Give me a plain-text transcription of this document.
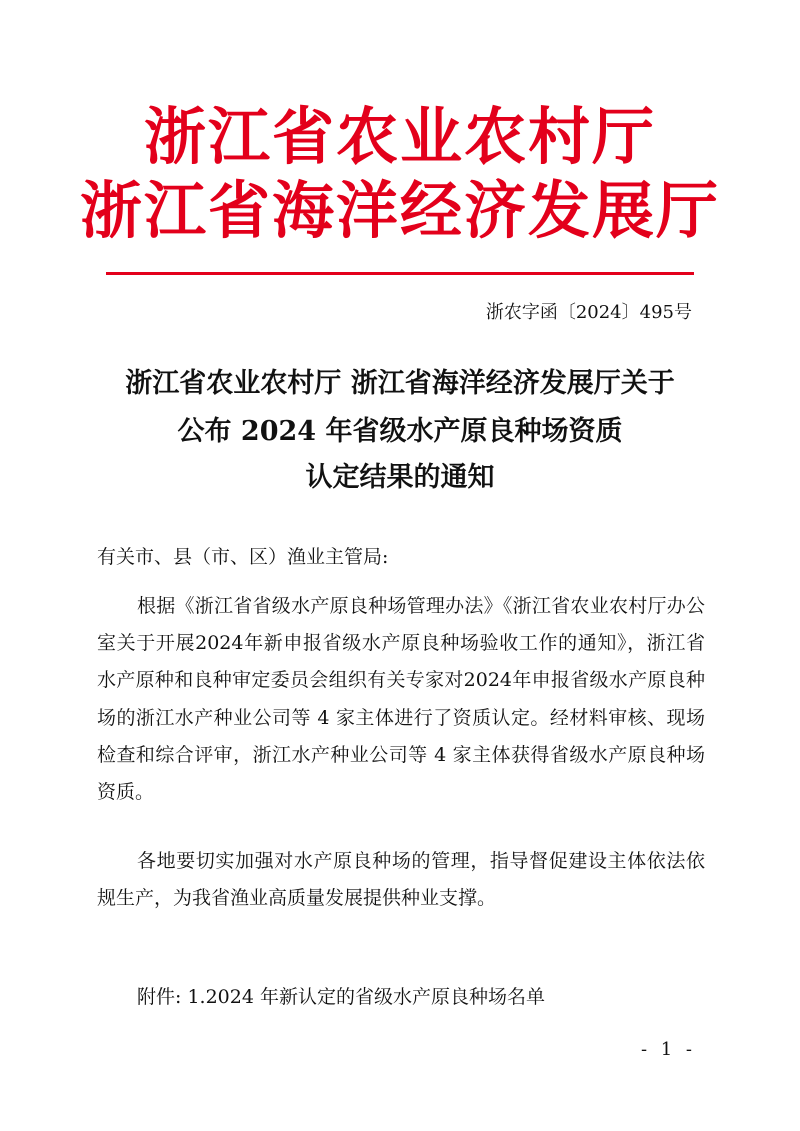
浙江省农业农村厅
浙江省海洋经济发展厅
浙农字函〔2024〕495号
浙江省农业农村厅 浙江省海洋经济发展厅关于
公布 2024 年省级水产原良种场资质
认定结果的通知
有关市、县（市、区）渔业主管局:

根据《浙江省省级水产原良种场管理办法》《浙江省农业农村厅办公室关于开展2024年新申报省级水产原良种场验收工作的通知》，浙江省水产原种和良种审定委员会组织有关专家对2024年申报省级水产原良种场的浙江水产种业公司等 4 家主体进行了资质认定。经材料审核、现场检查和综合评审，浙江水产种业公司等 4 家主体获得省级水产原良种场资质。

各地要切实加强对水产原良种场的管理，指导督促建设主体依法依规生产，为我省渔业高质量发展提供种业支撑。

附件: 1.2024 年新认定的省级水产原良种场名单
- 1 -
